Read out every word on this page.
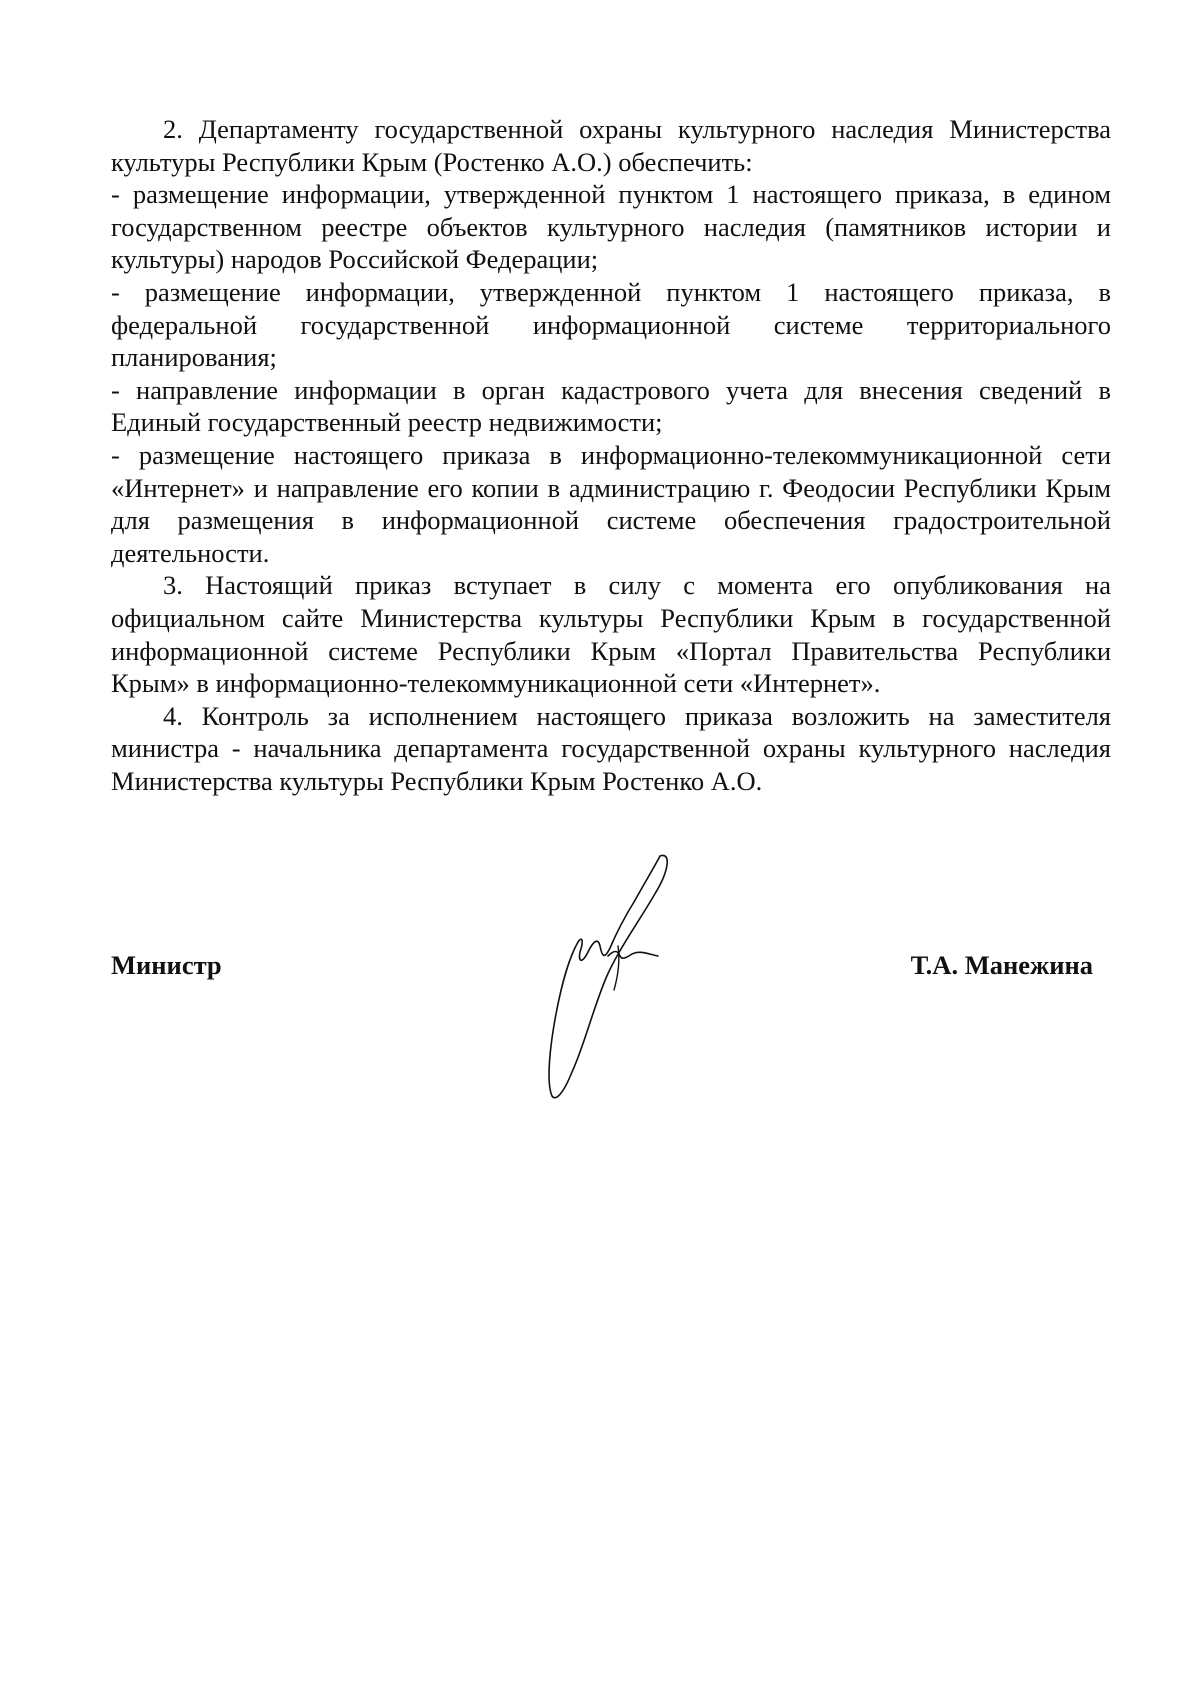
2. Департаменту государственной охраны культурного наследия Министерства культуры Республики Крым (Ростенко А.О.) обеспечить:

- размещение информации, утвержденной пунктом 1 настоящего приказа, в едином государственном реестре объектов культурного наследия (памятников истории и культуры) народов Российской Федерации;

- размещение информации, утвержденной пунктом 1 настоящего приказа, в федеральной государственной информационной системе территориального планирования;

- направление информации в орган кадастрового учета для внесения сведений в Единый государственный реестр недвижимости;

- размещение настоящего приказа в информационно-телекоммуникационной сети «Интернет» и направление его копии в администрацию г. Феодосии Республики Крым для размещения в информационной системе обеспечения градостроительной деятельности.

3. Настоящий приказ вступает в силу с момента его опубликования на официальном сайте Министерства культуры Республики Крым в государственной информационной системе Республики Крым «Портал Правительства Республики Крым» в информационно-телекоммуникационной сети «Интернет».

4. Контроль за исполнением настоящего приказа возложить на заместителя министра - начальника департамента государственной охраны культурного наследия Министерства культуры Республики Крым Ростенко А.О.

Министр	Т.А. Манежина
